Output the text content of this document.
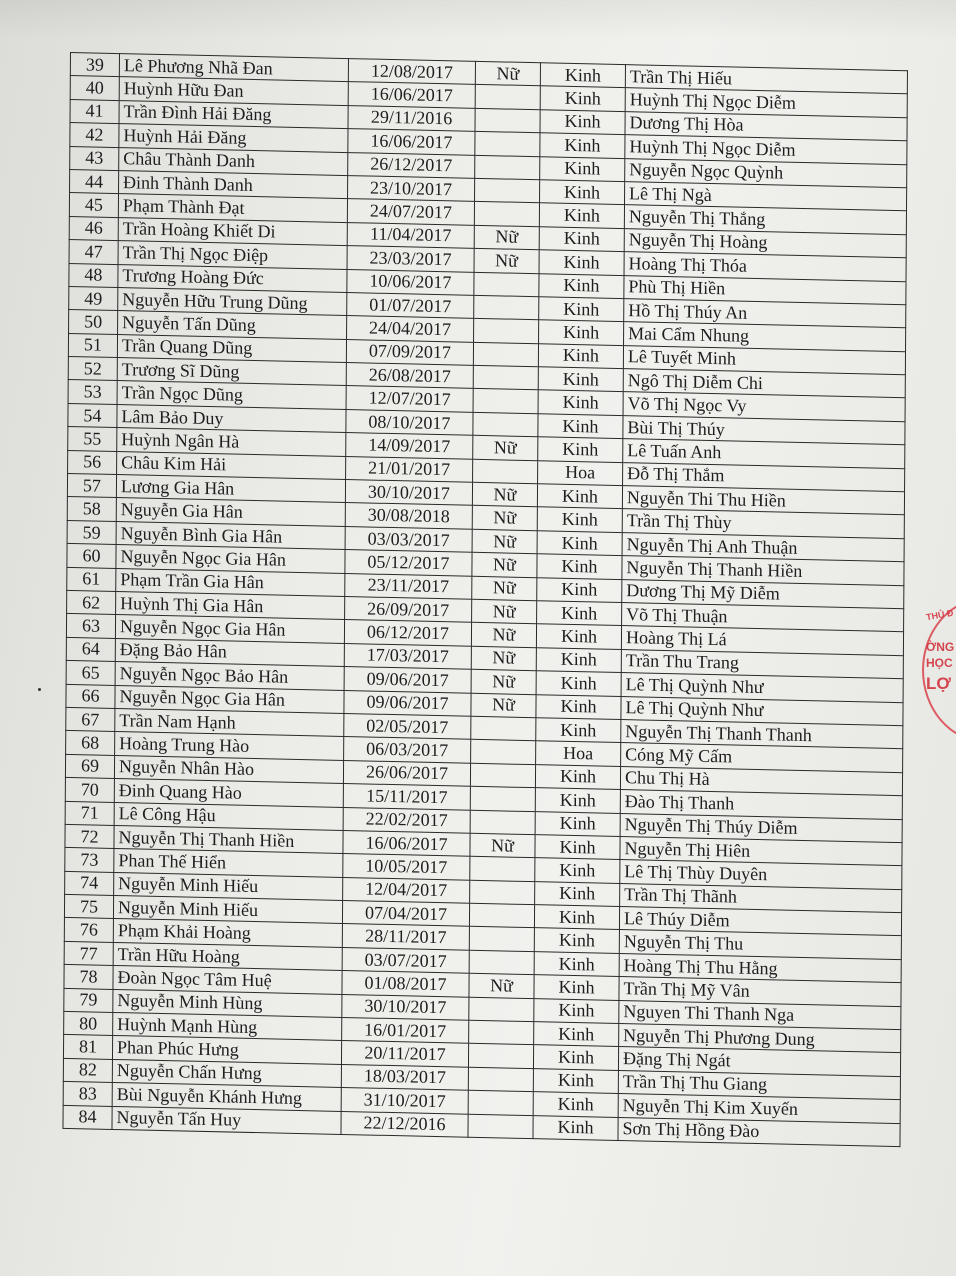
39	Lê Phương Nhã Đan	12/08/2017	Nữ	Kinh	Trần Thị Hiếu
40	Huỳnh Hữu Đan	16/06/2017		Kinh	Huỳnh Thị Ngọc Diễm
41	Trần Đình Hải Đăng	29/11/2016		Kinh	Dương Thị Hòa
42	Huỳnh Hải Đăng	16/06/2017		Kinh	Huỳnh Thị Ngọc Diễm
43	Châu Thành Danh	26/12/2017		Kinh	Nguyễn Ngọc Quỳnh
44	Đinh Thành Danh	23/10/2017		Kinh	Lê Thị Ngà
45	Phạm Thành Đạt	24/07/2017		Kinh	Nguyễn Thị Thắng
46	Trần Hoàng Khiết Di	11/04/2017	Nữ	Kinh	Nguyễn Thị Hoàng
47	Trần Thị Ngọc Điệp	23/03/2017	Nữ	Kinh	Hoàng Thị Thóa
48	Trương Hoàng Đức	10/06/2017		Kinh	Phù Thị Hiền
49	Nguyễn Hữu Trung Dũng	01/07/2017		Kinh	Hồ Thị Thúy An
50	Nguyễn Tấn Dũng	24/04/2017		Kinh	Mai Cẩm Nhung
51	Trần Quang Dũng	07/09/2017		Kinh	Lê Tuyết Minh
52	Trương Sĩ Dũng	26/08/2017		Kinh	Ngô Thị Diễm Chi
53	Trần Ngọc Dũng	12/07/2017		Kinh	Võ Thị Ngọc Vy
54	Lâm Bảo Duy	08/10/2017		Kinh	Bùi Thị Thúy
55	Huỳnh Ngân Hà	14/09/2017	Nữ	Kinh	Lê Tuấn Anh
56	Châu Kim Hải	21/01/2017		Hoa	Đỗ Thị Thắm
57	Lương Gia Hân	30/10/2017	Nữ	Kinh	Nguyễn Thi Thu Hiền
58	Nguyễn Gia Hân	30/08/2018	Nữ	Kinh	Trần Thị Thùy
59	Nguyễn Bình Gia Hân	03/03/2017	Nữ	Kinh	Nguyễn Thị Anh Thuận
60	Nguyễn Ngọc Gia Hân	05/12/2017	Nữ	Kinh	Nguyễn Thị Thanh Hiền
61	Phạm Trần Gia Hân	23/11/2017	Nữ	Kinh	Dương Thị Mỹ Diễm
62	Huỳnh Thị Gia Hân	26/09/2017	Nữ	Kinh	Võ Thị Thuận
63	Nguyễn Ngọc Gia Hân	06/12/2017	Nữ	Kinh	Hoàng Thị Lá
64	Đặng Bảo Hân	17/03/2017	Nữ	Kinh	Trần Thu Trang
65	Nguyễn Ngọc Bảo Hân	09/06/2017	Nữ	Kinh	Lê Thị Quỳnh Như
66	Nguyễn Ngọc Gia Hân	09/06/2017	Nữ	Kinh	Lê Thị Quỳnh Như
67	Trần Nam Hạnh	02/05/2017		Kinh	Nguyễn Thị Thanh Thanh
68	Hoàng Trung Hào	06/03/2017		Hoa	Cóng Mỹ Cấm
69	Nguyễn Nhân Hào	26/06/2017		Kinh	Chu Thị Hà
70	Đinh Quang Hào	15/11/2017		Kinh	Đào Thị Thanh
71	Lê Công Hậu	22/02/2017		Kinh	Nguyễn Thị Thúy Diễm
72	Nguyễn Thị Thanh Hiền	16/06/2017	Nữ	Kinh	Nguyễn Thị Hiên
73	Phan Thế Hiển	10/05/2017		Kinh	Lê Thị Thùy Duyên
74	Nguyễn Minh Hiếu	12/04/2017		Kinh	Trần Thị Thãnh
75	Nguyễn Minh Hiếu	07/04/2017		Kinh	Lê Thúy Diễm
76	Phạm Khải Hoàng	28/11/2017		Kinh	Nguyễn Thị Thu
77	Trần Hữu Hoàng	03/07/2017		Kinh	Hoàng Thị Thu Hằng
78	Đoàn Ngọc Tâm Huệ	01/08/2017	Nữ	Kinh	Trần Thị Mỹ Vân
79	Nguyễn Minh Hùng	30/10/2017		Kinh	Nguyen Thi Thanh Nga
80	Huỳnh Mạnh Hùng	16/01/2017		Kinh	Nguyễn Thị Phương Dung
81	Phan Phúc Hưng	20/11/2017		Kinh	Đặng Thị Ngát
82	Nguyễn Chấn Hưng	18/03/2017		Kinh	Trần Thị Thu Giang
83	Bùi Nguyễn Khánh Hưng	31/10/2017		Kinh	Nguyễn Thị Kim Xuyến
84	Nguyễn Tấn Huy	22/12/2016		Kinh	Sơn Thị Hồng Đào
THỦ Đ
ỜNG
HỌC
LỢ
